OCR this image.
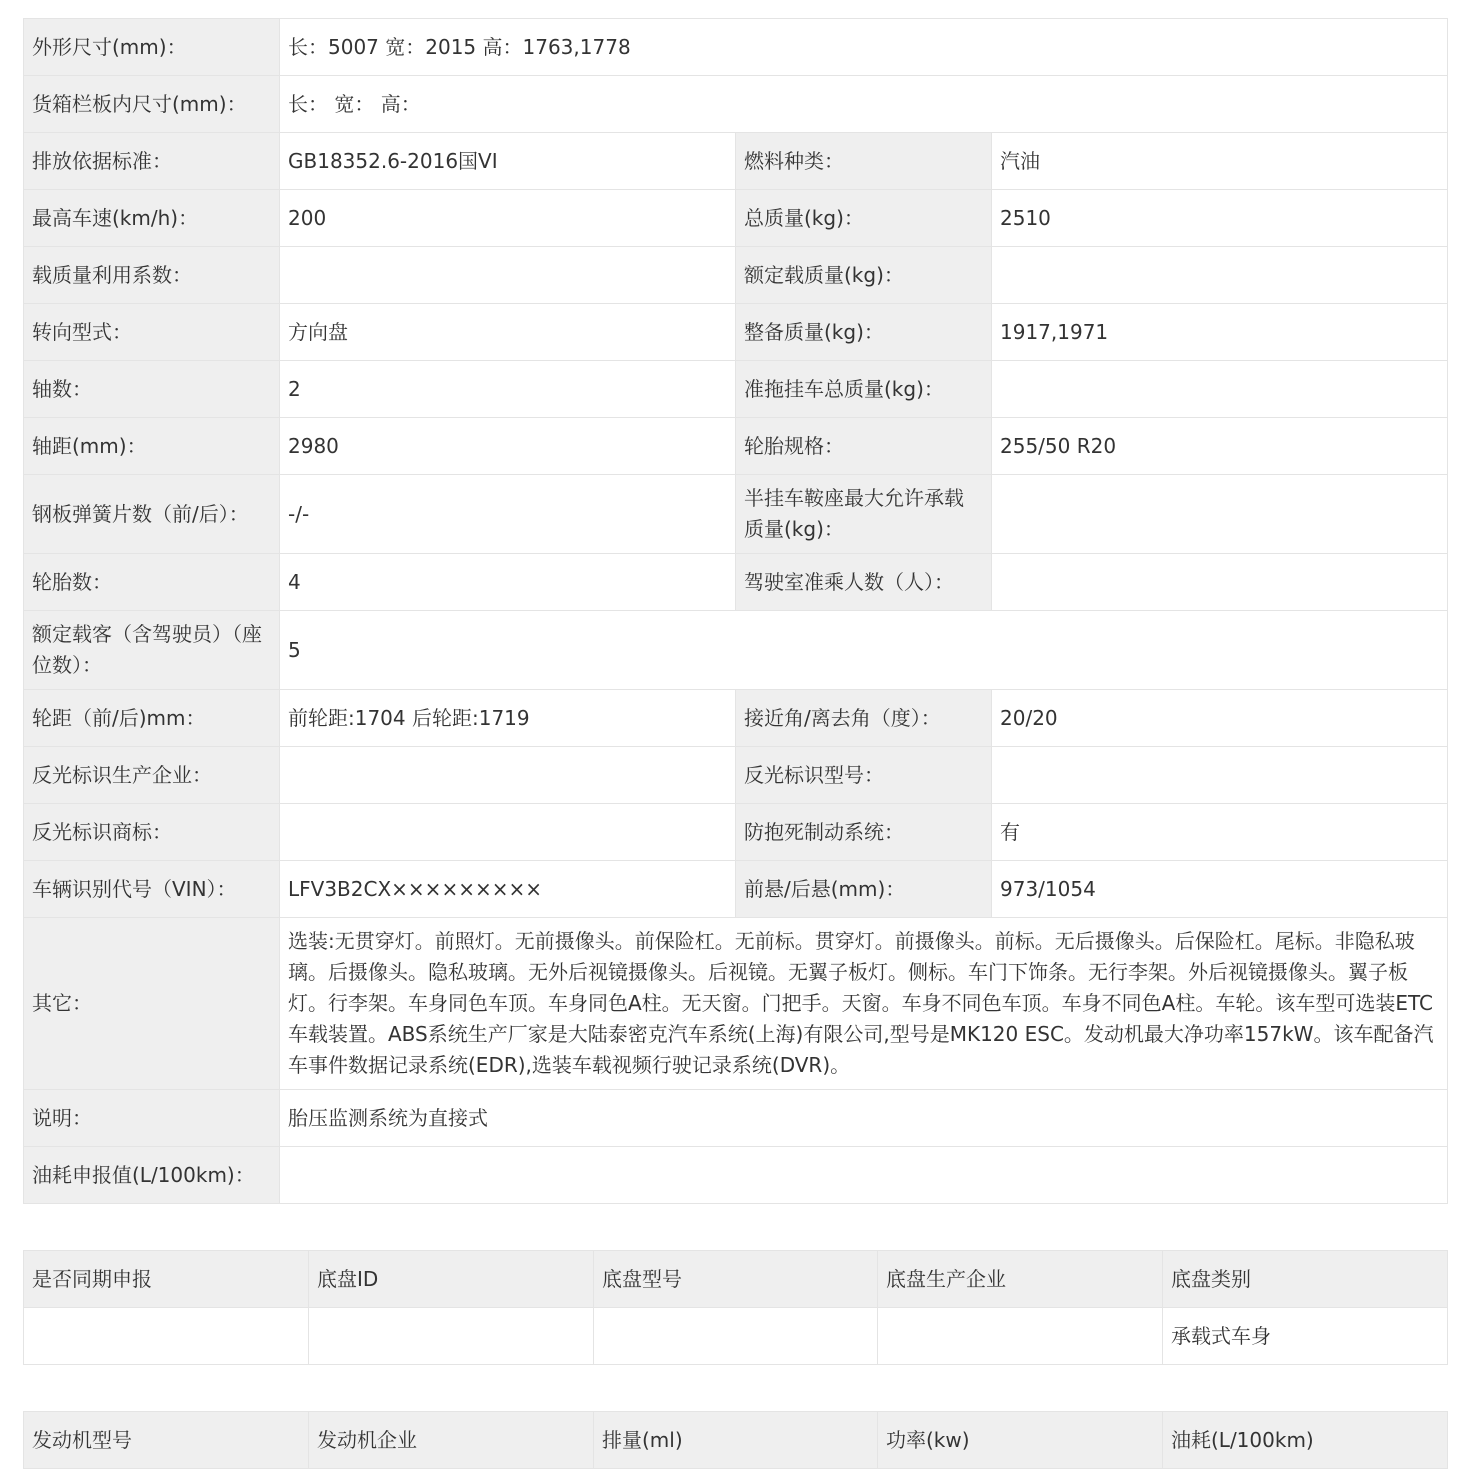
外形尺寸(mm)：	长：5007 宽：2015 高：1763,1778		
货箱栏板内尺寸(mm)：	长： 宽： 高：		
排放依据标准：	GB18352.6-2016国VI	燃料种类：	汽油
最高车速(km/h)：	200	总质量(kg)：	2510
载质量利用系数：		额定载质量(kg)：	
转向型式：	方向盘	整备质量(kg)：	1917,1971
轴数：	2	准拖挂车总质量(kg)：	
轴距(mm)：	2980	轮胎规格：	255/50 R20
钢板弹簧片数（前/后）：	-/-	半挂车鞍座最大允许承载质量(kg)：	
轮胎数：	4	驾驶室准乘人数（人）：	
额定载客（含驾驶员）（座位数）：	5		
轮距（前/后)mm：	前轮距:1704 后轮距:1719	接近角/离去角（度）：	20/20
反光标识生产企业：		反光标识型号：	
反光标识商标：		防抱死制动系统：	有
车辆识别代号（VIN）：	LFV3B2CX×××××××××	前悬/后悬(mm)：	973/1054
其它：	选装:无贯穿灯。前照灯。无前摄像头。前保险杠。无前标。贯穿灯。前摄像头。前标。无后摄像头。后保险杠。尾标。非隐私玻璃。后摄像头。隐私玻璃。无外后视镜摄像头。后视镜。无翼子板灯。侧标。车门下饰条。无行李架。外后视镜摄像头。翼子板灯。行李架。车身同色车顶。车身同色A柱。无天窗。门把手。天窗。车身不同色车顶。车身不同色A柱。车轮。该车型可选装ETC车载装置。ABS系统生产厂家是大陆泰密克汽车系统(上海)有限公司,型号是MK120 ESC。发动机最大净功率157kW。该车配备汽车事件数据记录系统(EDR),选装车载视频行驶记录系统(DVR)。		
说明：	胎压监测系统为直接式		
油耗申报值(L/100km)：			
是否同期申报	底盘ID	底盘型号	底盘生产企业	底盘类别
				承载式车身
发动机型号	发动机企业	排量(ml)	功率(kw)	油耗(L/100km)
